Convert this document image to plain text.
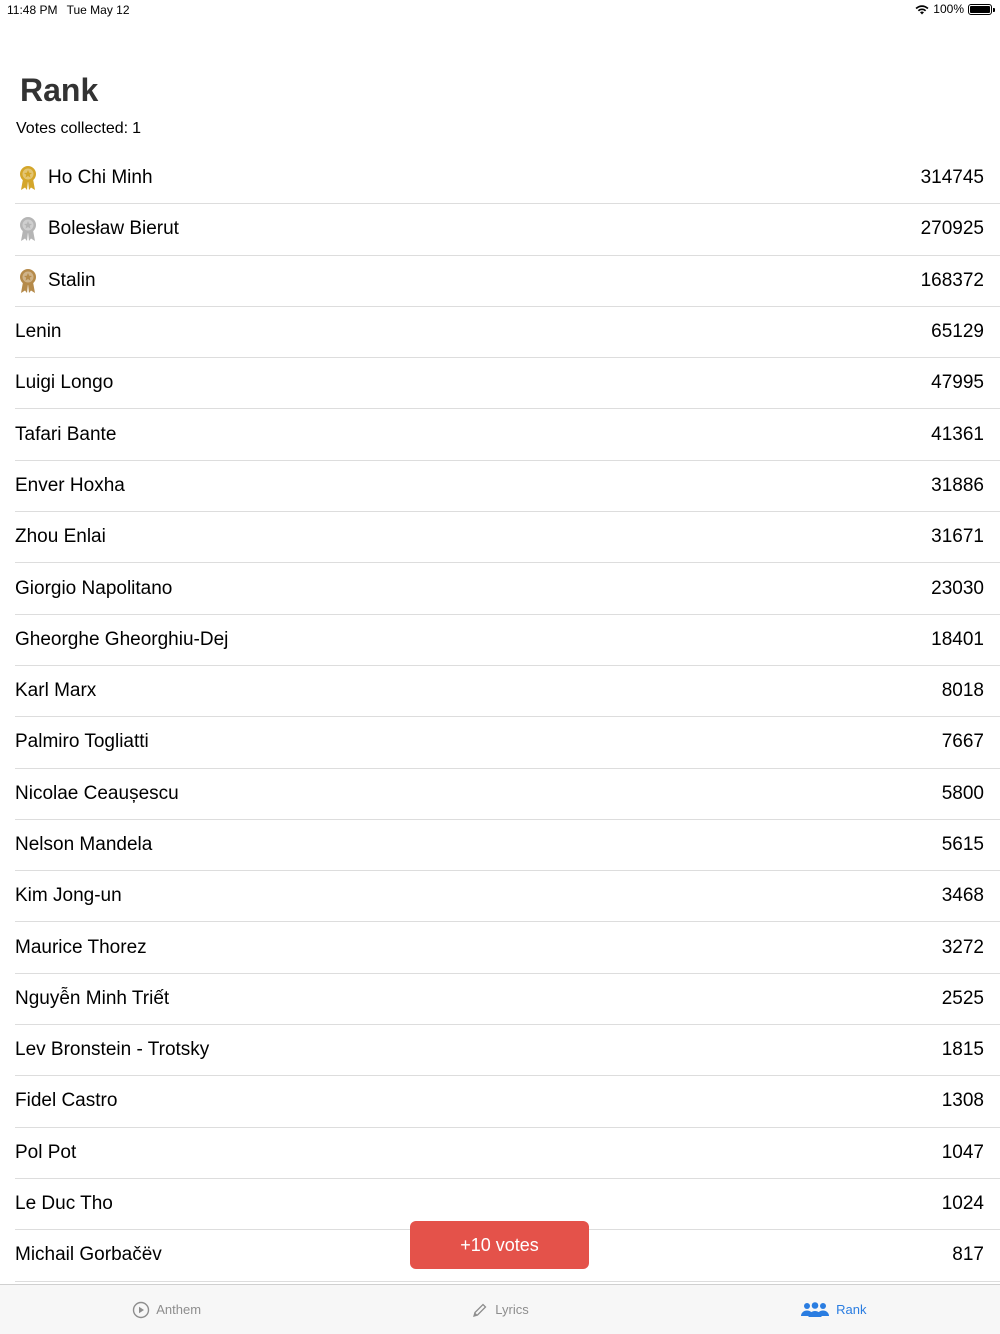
11:48 PM Tue May 12	100%
Rank
Votes collected: 1
Ho Chi Minh	314745
Bolesław Bierut	270925
Stalin	168372
Lenin	65129
Luigi Longo	47995
Tafari Bante	41361
Enver Hoxha	31886
Zhou Enlai	31671
Giorgio Napolitano	23030
Gheorghe Gheorghiu-Dej	18401
Karl Marx	8018
Palmiro Togliatti	7667
Nicolae Ceaușescu	5800
Nelson Mandela	5615
Kim Jong-un	3468
Maurice Thorez	3272
Nguyễn Minh Triết	2525
Lev Bronstein - Trotsky	1815
Fidel Castro	1308
Pol Pot	1047
Le Duc Tho	1024
Michail Gorbačëv	817
+10 votes
Anthem	Lyrics	Rank
